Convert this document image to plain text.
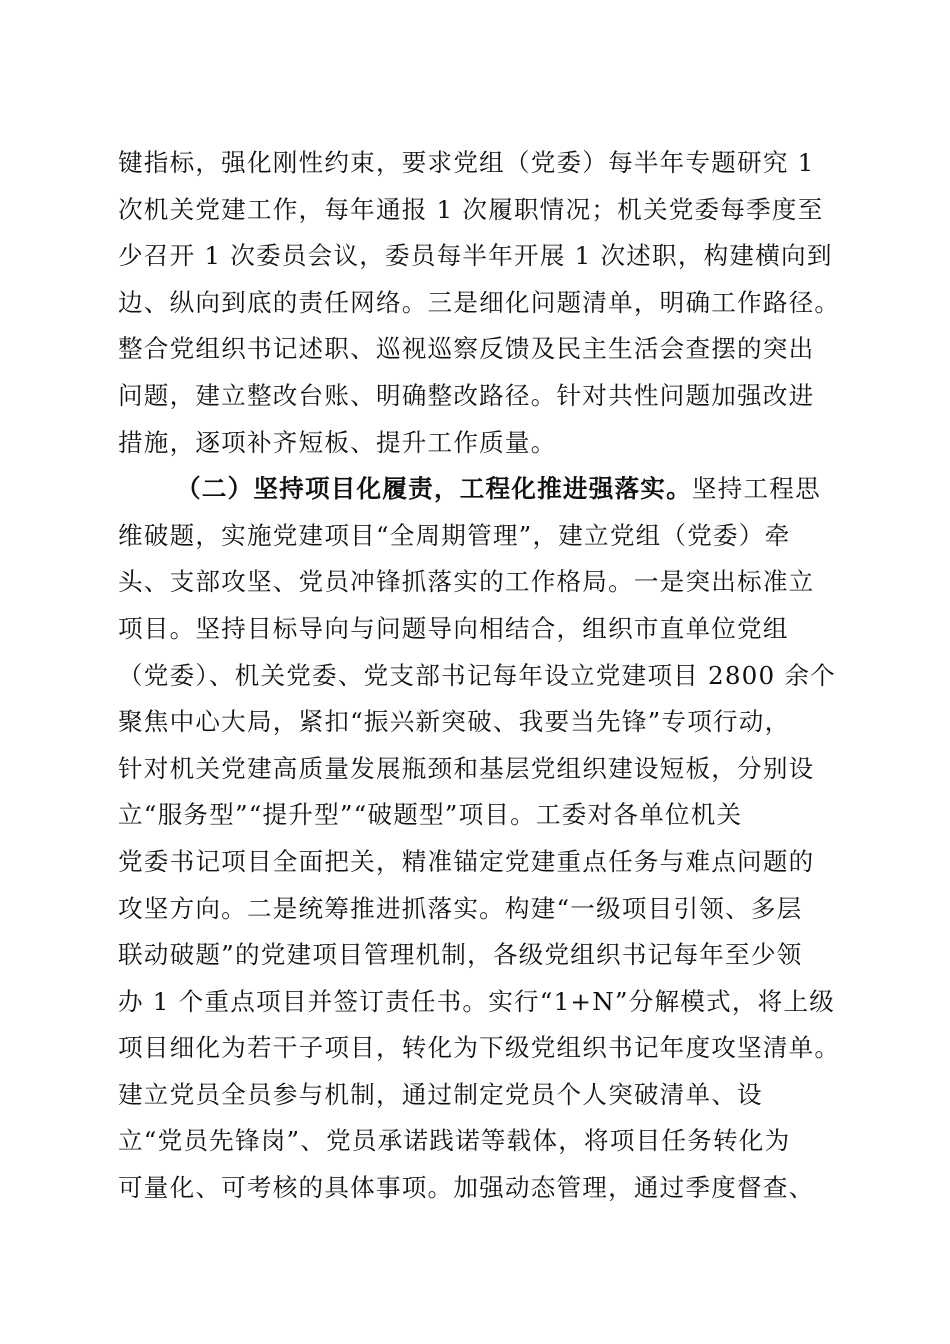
键指标，强化刚性约束，要求党组（党委）每半年专题研究 1
次机关党建工作，每年通报 1 次履职情况；机关党委每季度至
少召开 1 次委员会议，委员每半年开展 1 次述职，构建横向到
边、纵向到底的责任网络。三是细化问题清单，明确工作路径。
整合党组织书记述职、巡视巡察反馈及民主生活会查摆的突出
问题，建立整改台账、明确整改路径。针对共性问题加强改进
措施，逐项补齐短板、提升工作质量。
（二）坚持项目化履责，工程化推进强落实。坚持工程思
维破题，实施党建项目“全周期管理”，建立党组（党委）牵
头、支部攻坚、党员冲锋抓落实的工作格局。一是突出标准立
项目。坚持目标导向与问题导向相结合，组织市直单位党组
（党委）、机关党委、党支部书记每年设立党建项目 2800 余个
聚焦中心大局，紧扣“振兴新突破、我要当先锋”专项行动，
针对机关党建高质量发展瓶颈和基层党组织建设短板，分别设
立“服务型”“提升型”“破题型”项目。工委对各单位机关
党委书记项目全面把关，精准锚定党建重点任务与难点问题的
攻坚方向。二是统筹推进抓落实。构建“一级项目引领、多层
联动破题”的党建项目管理机制，各级党组织书记每年至少领
办 1 个重点项目并签订责任书。实行“1+N”分解模式，将上级
项目细化为若干子项目，转化为下级党组织书记年度攻坚清单。
建立党员全员参与机制，通过制定党员个人突破清单、设
立“党员先锋岗”、党员承诺践诺等载体，将项目任务转化为
可量化、可考核的具体事项。加强动态管理，通过季度督查、
